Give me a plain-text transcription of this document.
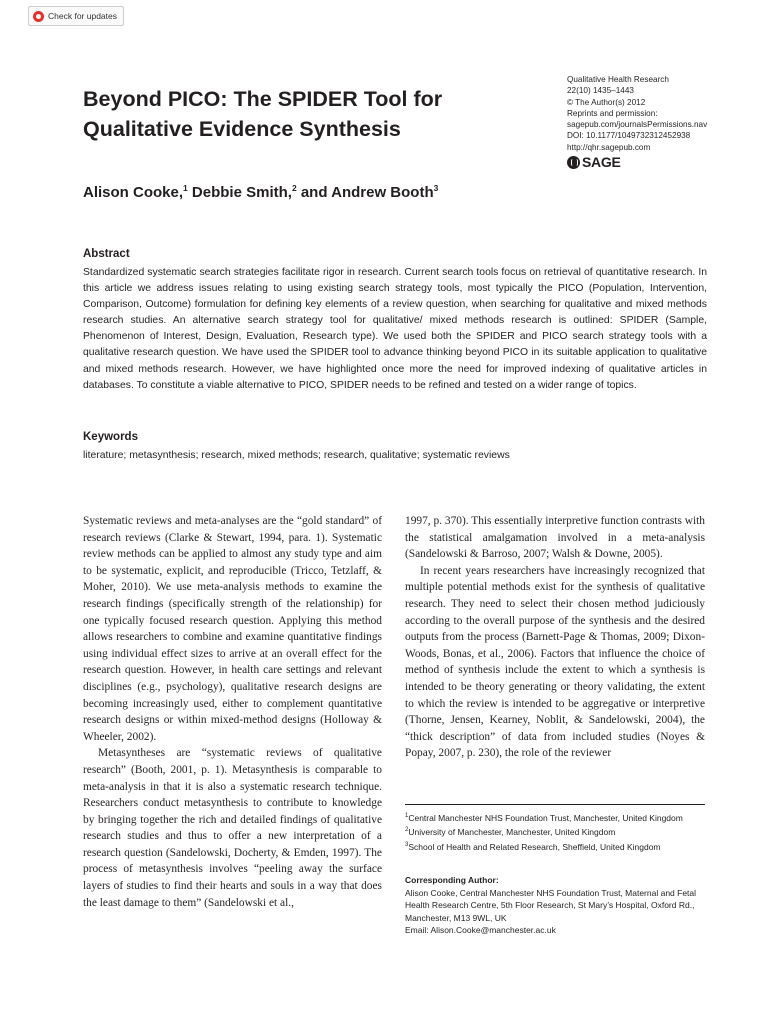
Check for updates
Qualitative Health Research
22(10) 1435–1443
© The Author(s) 2012
Reprints and permission:
sagepub.com/journalsPermissions.nav
DOI: 10.1177/1049732312452938
http://qhr.sagepub.com
SAGE
Beyond PICO: The SPIDER Tool for
Qualitative Evidence Synthesis
Alison Cooke,$^1$ Debbie Smith,$^2$ and Andrew Booth$^3$
Abstract
Standardized systematic search strategies facilitate rigor in research. Current search tools focus on retrieval of quantitative research. In this article we address issues relating to using existing search strategy tools, most typically the PICO (Population, Intervention, Comparison, Outcome) formulation for defining key elements of a review question, when searching for qualitative and mixed methods research studies. An alternative search strategy tool for qualitative/ mixed methods research is outlined: SPIDER (Sample, Phenomenon of Interest, Design, Evaluation, Research type). We used both the SPIDER and PICO search strategy tools with a qualitative research question. We have used the SPIDER tool to advance thinking beyond PICO in its suitable application to qualitative and mixed methods research. However, we have highlighted once more the need for improved indexing of qualitative articles in databases. To constitute a viable alternative to PICO, SPIDER needs to be refined and tested on a wider range of topics.
Keywords
literature; metasynthesis; research, mixed methods; research, qualitative; systematic reviews

Systematic reviews and meta-analyses are the “gold standard” of research reviews (Clarke & Stewart, 1994, para. 1). Systematic review methods can be applied to almost any study type and aim to be systematic, explicit, and reproducible (Tricco, Tetzlaff, & Moher, 2010). We use meta-analysis methods to examine the research findings (specifically strength of the relationship) for one typically focused research question. Applying this method allows researchers to combine and examine quantitative findings using individual effect sizes to arrive at an overall effect for the research question. However, in health care settings and relevant disciplines (e.g., psychology), qualitative research designs are becoming increasingly used, either to complement quantitative research designs or within mixed-method designs (Holloway & Wheeler, 2002).

Metasyntheses are “systematic reviews of qualitative research” (Booth, 2001, p. 1). Metasynthesis is comparable to meta-analysis in that it is also a systematic research technique. Researchers conduct metasynthesis to contribute to knowledge by bringing together the rich and detailed findings of qualitative research studies and thus to offer a new interpretation of a research question (Sandelowski, Docherty, & Emden, 1997). The process of metasynthesis involves “peeling away the surface layers of studies to find their hearts and souls in a way that does the least damage to them” (Sandelowski et al.,

1997, p. 370). This essentially interpretive function contrasts with the statistical amalgamation involved in a meta-analysis (Sandelowski & Barroso, 2007; Walsh & Downe, 2005).

In recent years researchers have increasingly recognized that multiple potential methods exist for the synthesis of qualitative research. They need to select their chosen method judiciously according to the overall purpose of the synthesis and the desired outputs from the process (Barnett-Page & Thomas, 2009; Dixon-Woods, Bonas, et al., 2006). Factors that influence the choice of method of synthesis include the extent to which a synthesis is intended to be theory generating or theory validating, the extent to which the review is intended to be aggregative or interpretive (Thorne, Jensen, Kearney, Noblit, & Sandelowski, 2004), the “thick description” of data from included studies (Noyes & Popay, 2007, p. 230), the role of the reviewer

$^1$Central Manchester NHS Foundation Trust, Manchester, United Kingdom

$^2$University of Manchester, Manchester, United Kingdom

$^3$School of Health and Related Research, Sheffield, United Kingdom

Corresponding Author:
Alison Cooke, Central Manchester NHS Foundation Trust, Maternal and Fetal Health Research Centre, 5th Floor Research, St Mary’s Hospital, Oxford Rd., Manchester, M13 9WL, UK
Email: Alison.Cooke@manchester.ac.uk
